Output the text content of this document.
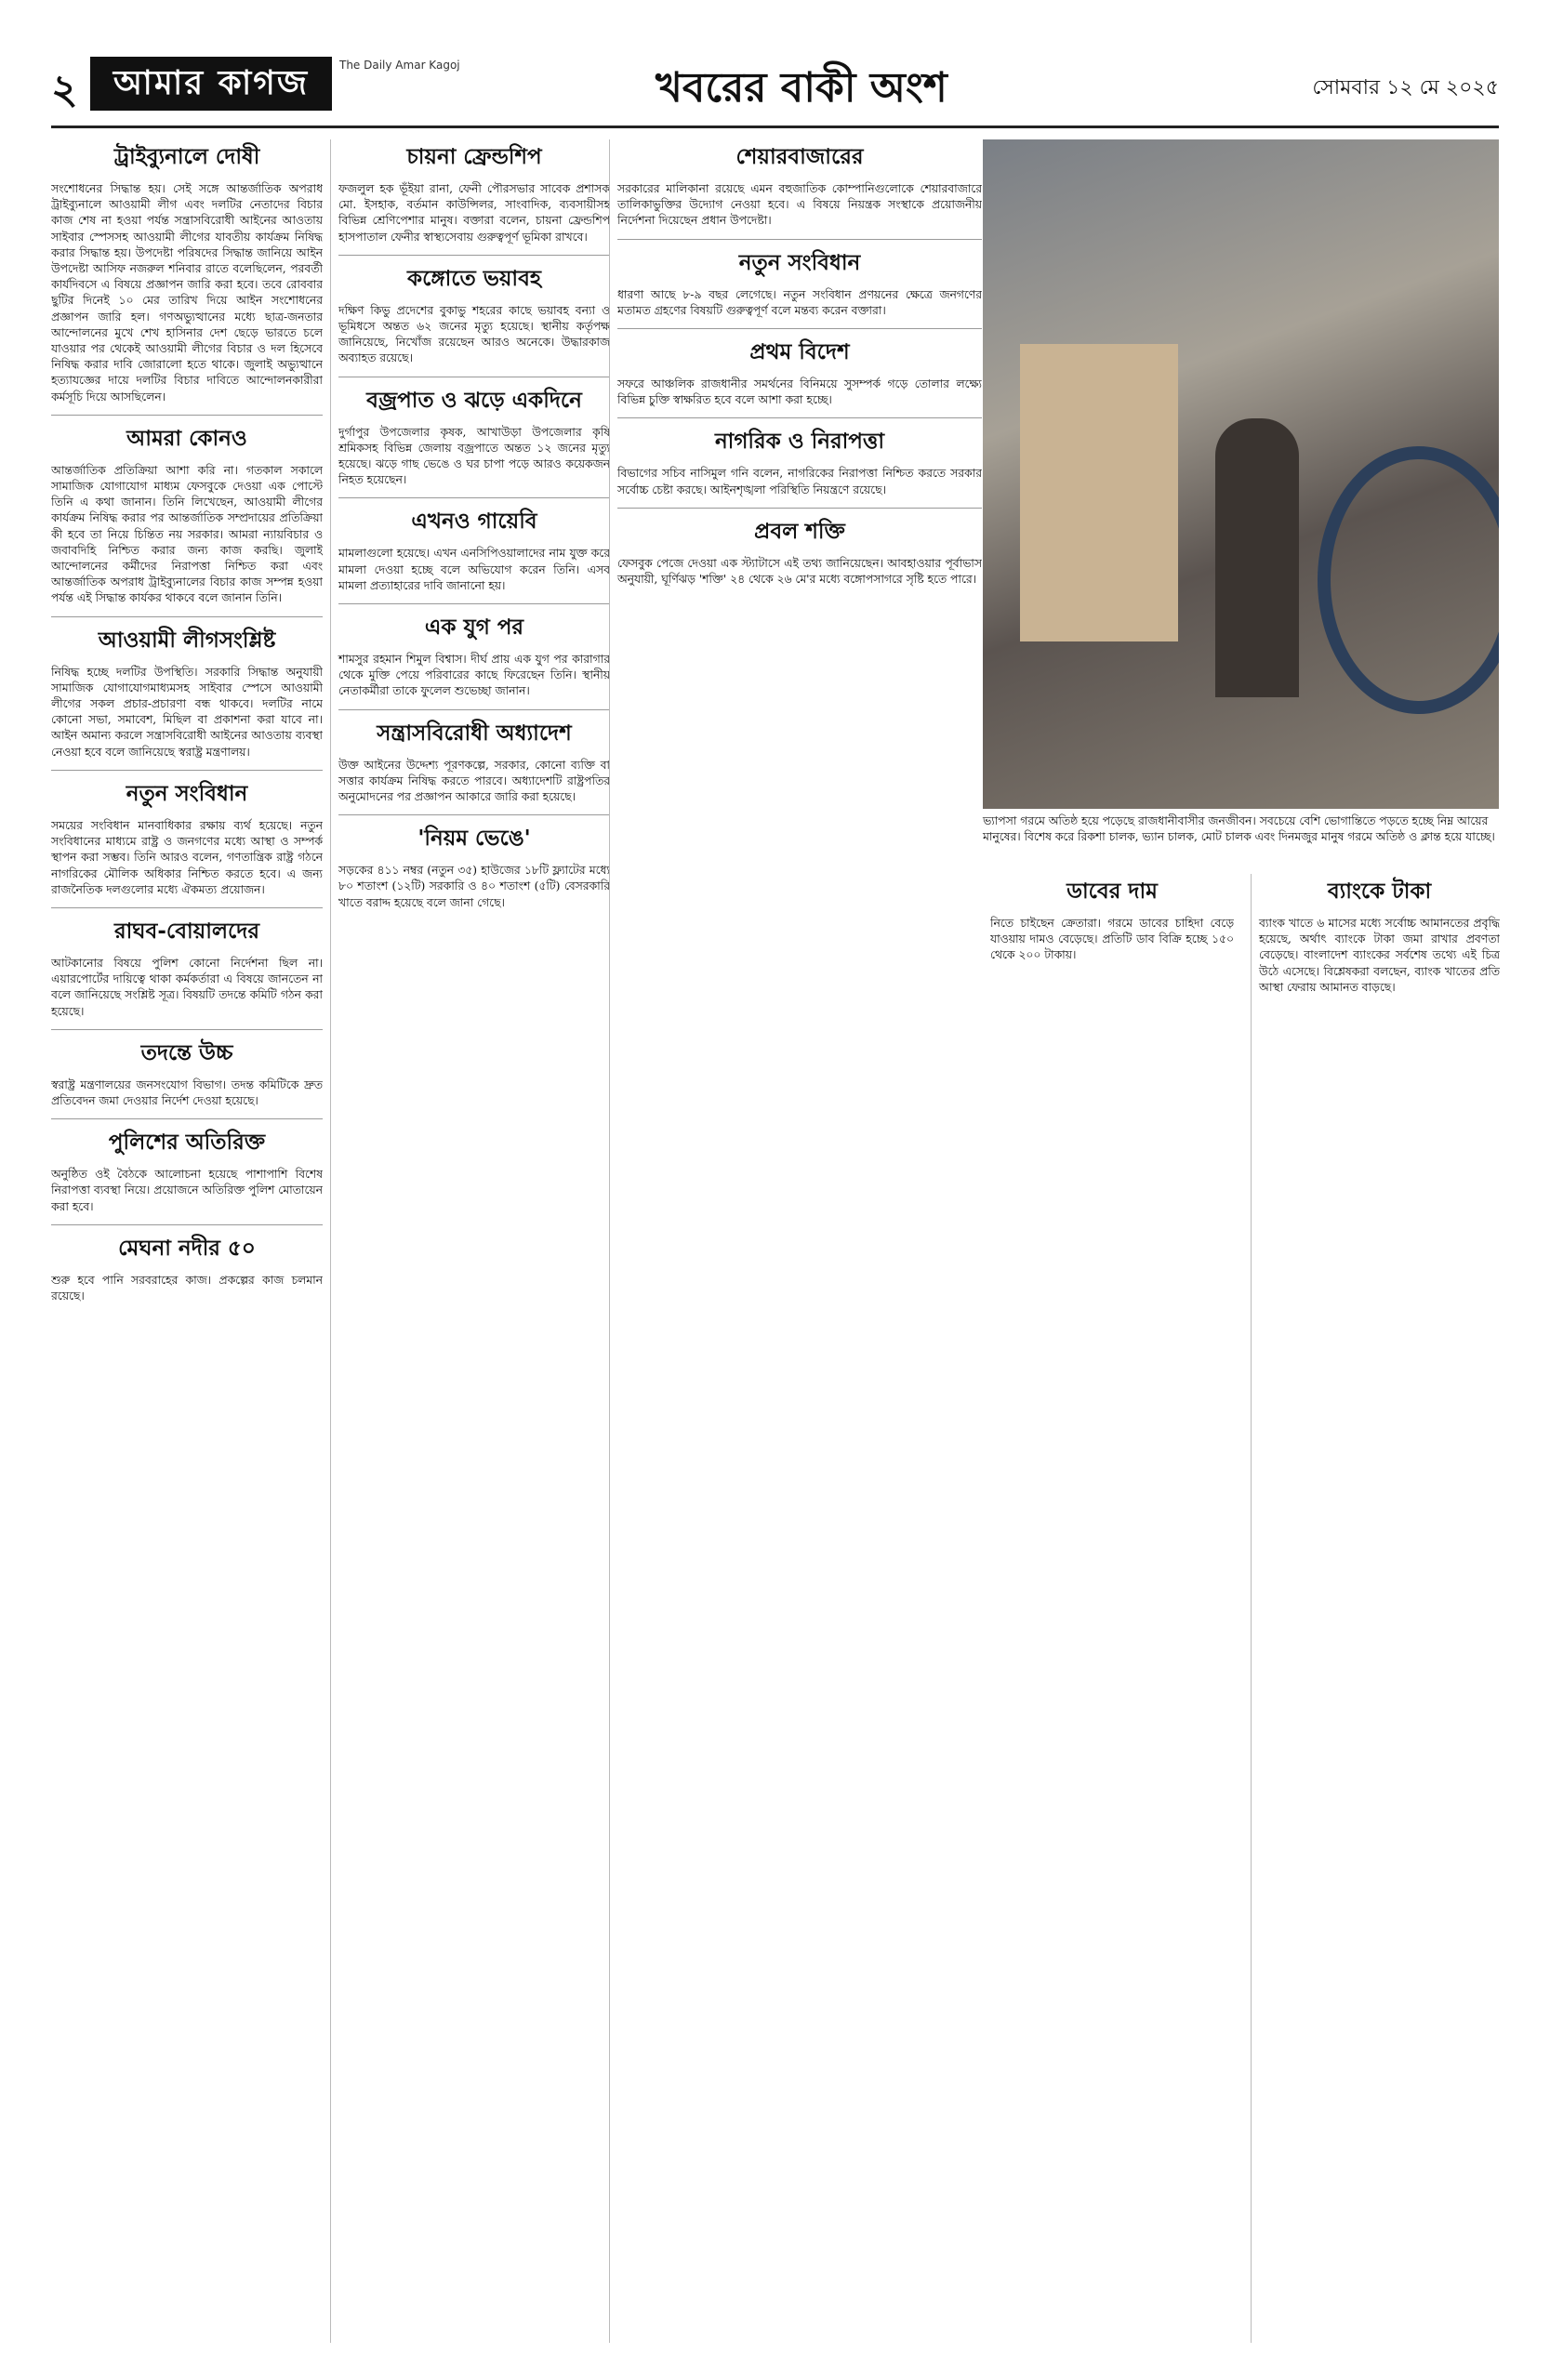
২	আমার কাগজ	The Daily Amar Kagoj	খবরের বাকী অংশ	সোমবার ১২ মে ২০২৫
ট্রাইব্যুনালে দোষী
সংশোধনের সিদ্ধান্ত হয়। সেই সঙ্গে আন্তর্জাতিক অপরাধ ট্রাইব্যুনালে আওয়ামী লীগ এবং দলটির নেতাদের বিচার কাজ শেষ না হওয়া পর্যন্ত সন্ত্রাসবিরোধী আইনের আওতায় সাইবার স্পেসসহ আওয়ামী লীগের যাবতীয় কার্যক্রম নিষিদ্ধ করার সিদ্ধান্ত হয়। উপদেষ্টা পরিষদের সিদ্ধান্ত জানিয়ে আইন উপদেষ্টা আসিফ নজরুল শনিবার রাতে বলেছিলেন, পরবর্তী কার্যদিবসে এ বিষয়ে প্রজ্ঞাপন জারি করা হবে। তবে রোববার ছুটির দিনেই ১০ মের তারিখ দিয়ে আইন সংশোধনের প্রজ্ঞাপন জারি হল। গণঅভ্যুত্থানের মধ্যে ছাত্র-জনতার আন্দোলনের মুখে শেখ হাসিনার দেশ ছেড়ে ভারতে চলে যাওয়ার পর থেকেই আওয়ামী লীগের বিচার ও দল হিসেবে নিষিদ্ধ করার দাবি জোরালো হতে থাকে। জুলাই অভ্যুত্থানে হত্যাযজ্ঞের দায়ে দলটির বিচার দাবিতে আন্দোলনকারীরা কর্মসূচি দিয়ে আসছিলেন।
আমরা কোনও
আন্তর্জাতিক প্রতিক্রিয়া আশা করি না। গতকাল সকালে সামাজিক যোগাযোগ মাধ্যম ফেসবুকে দেওয়া এক পোস্টে তিনি এ কথা জানান। তিনি লিখেছেন, আওয়ামী লীগের কার্যক্রম নিষিদ্ধ করার পর আন্তর্জাতিক সম্প্রদায়ের প্রতিক্রিয়া কী হবে তা নিয়ে চিন্তিত নয় সরকার। আমরা ন্যায়বিচার ও জবাবদিহি নিশ্চিত করার জন্য কাজ করছি। জুলাই আন্দোলনের কর্মীদের নিরাপত্তা নিশ্চিত করা এবং আন্তর্জাতিক অপরাধ ট্রাইব্যুনালের বিচার কাজ সম্পন্ন হওয়া পর্যন্ত এই সিদ্ধান্ত কার্যকর থাকবে বলে জানান তিনি।
আওয়ামী লীগসংশ্লিষ্ট
নিষিদ্ধ হচ্ছে দলটির উপস্থিতি। সরকারি সিদ্ধান্ত অনুযায়ী সামাজিক যোগাযোগমাধ্যমসহ সাইবার স্পেসে আওয়ামী লীগের সকল প্রচার-প্রচারণা বন্ধ থাকবে। দলটির নামে কোনো সভা, সমাবেশ, মিছিল বা প্রকাশনা করা যাবে না। আইন অমান্য করলে সন্ত্রাসবিরোধী আইনের আওতায় ব্যবস্থা নেওয়া হবে বলে জানিয়েছে স্বরাষ্ট্র মন্ত্রণালয়।
নতুন সংবিধান
সময়ের সংবিধান মানবাধিকার রক্ষায় ব্যর্থ হয়েছে। নতুন সংবিধানের মাধ্যমে রাষ্ট্র ও জনগণের মধ্যে আস্থা ও সম্পর্ক স্থাপন করা সম্ভব। তিনি আরও বলেন, গণতান্ত্রিক রাষ্ট্র গঠনে নাগরিকের মৌলিক অধিকার নিশ্চিত করতে হবে। এ জন্য রাজনৈতিক দলগুলোর মধ্যে ঐকমত্য প্রয়োজন।
রাঘব-বোয়ালদের
আটকানোর বিষয়ে পুলিশ কোনো নির্দেশনা ছিল না। এয়ারপোর্টের দায়িত্বে থাকা কর্মকর্তারা এ বিষয়ে জানতেন না বলে জানিয়েছে সংশ্লিষ্ট সূত্র। বিষয়টি তদন্তে কমিটি গঠন করা হয়েছে।
তদন্তে উচ্চ
স্বরাষ্ট্র মন্ত্রণালয়ের জনসংযোগ বিভাগ। তদন্ত কমিটিকে দ্রুত প্রতিবেদন জমা দেওয়ার নির্দেশ দেওয়া হয়েছে।
পুলিশের অতিরিক্ত
অনুষ্ঠিত ওই বৈঠকে আলোচনা হয়েছে পাশাপাশি বিশেষ নিরাপত্তা ব্যবস্থা নিয়ে। প্রয়োজনে অতিরিক্ত পুলিশ মোতায়েন করা হবে।
মেঘনা নদীর ৫০
শুরু হবে পানি সরবরাহের কাজ। প্রকল্পের কাজ চলমান রয়েছে।
চায়না ফ্রেন্ডশিপ
ফজলুল হক ভূঁইয়া রানা, ফেনী পৌরসভার সাবেক প্রশাসক মো. ইসহাক, বর্তমান কাউন্সিলর, সাংবাদিক, ব্যবসায়ীসহ বিভিন্ন শ্রেণিপেশার মানুষ। বক্তারা বলেন, চায়না ফ্রেন্ডশিপ হাসপাতাল ফেনীর স্বাস্থ্যসেবায় গুরুত্বপূর্ণ ভূমিকা রাখবে।
কঙ্গোতে ভয়াবহ
দক্ষিণ কিভু প্রদেশের বুকাভু শহরের কাছে ভয়াবহ বন্যা ও ভূমিধসে অন্তত ৬২ জনের মৃত্যু হয়েছে। স্থানীয় কর্তৃপক্ষ জানিয়েছে, নিখোঁজ রয়েছেন আরও অনেকে। উদ্ধারকাজ অব্যাহত রয়েছে।
বজ্রপাত ও ঝড়ে একদিনে
দুর্গাপুর উপজেলার কৃষক, আখাউড়া উপজেলার কৃষি শ্রমিকসহ বিভিন্ন জেলায় বজ্রপাতে অন্তত ১২ জনের মৃত্যু হয়েছে। ঝড়ে গাছ ভেঙে ও ঘর চাপা পড়ে আরও কয়েকজন নিহত হয়েছেন।
এখনও গায়েবি
মামলাগুলো হয়েছে। এখন এনসিপিওয়ালাদের নাম যুক্ত করে মামলা দেওয়া হচ্ছে বলে অভিযোগ করেন তিনি। এসব মামলা প্রত্যাহারের দাবি জানানো হয়।
এক যুগ পর
শামসুর রহমান শিমুল বিশ্বাস। দীর্ঘ প্রায় এক যুগ পর কারাগার থেকে মুক্তি পেয়ে পরিবারের কাছে ফিরেছেন তিনি। স্থানীয় নেতাকর্মীরা তাকে ফুলেল শুভেচ্ছা জানান।
সন্ত্রাসবিরোধী অধ্যাদেশ
উক্ত আইনের উদ্দেশ্য পূরণকল্পে, সরকার, কোনো ব্যক্তি বা সত্তার কার্যক্রম নিষিদ্ধ করতে পারবে। অধ্যাদেশটি রাষ্ট্রপতির অনুমোদনের পর প্রজ্ঞাপন আকারে জারি করা হয়েছে।
'নিয়ম ভেঙে'
সড়কের ৪১১ নম্বর (নতুন ৩৫) হাউজের ১৮টি ফ্ল্যাটের মধ্যে ৮০ শতাংশ (১২টি) সরকারি ও ৪০ শতাংশ (৫টি) বেসরকারি খাতে বরাদ্দ হয়েছে বলে জানা গেছে।
শেয়ারবাজারের
সরকারের মালিকানা রয়েছে এমন বহুজাতিক কোম্পানিগুলোকে শেয়ারবাজারে তালিকাভুক্তির উদ্যোগ নেওয়া হবে। এ বিষয়ে নিয়ন্ত্রক সংস্থাকে প্রয়োজনীয় নির্দেশনা দিয়েছেন প্রধান উপদেষ্টা।
নতুন সংবিধান
ধারণা আছে ৮-৯ বছর লেগেছে। নতুন সংবিধান প্রণয়নের ক্ষেত্রে জনগণের মতামত গ্রহণের বিষয়টি গুরুত্বপূর্ণ বলে মন্তব্য করেন বক্তারা।
প্রথম বিদেশ
সফরে আঞ্চলিক রাজধানীর সমর্থনের বিনিময়ে সুসম্পর্ক গড়ে তোলার লক্ষ্যে বিভিন্ন চুক্তি স্বাক্ষরিত হবে বলে আশা করা হচ্ছে।
নাগরিক ও নিরাপত্তা
বিভাগের সচিব নাসিমুল গনি বলেন, নাগরিকের নিরাপত্তা নিশ্চিত করতে সরকার সর্বোচ্চ চেষ্টা করছে। আইনশৃঙ্খলা পরিস্থিতি নিয়ন্ত্রণে রয়েছে।
প্রবল শক্তি
ফেসবুক পেজে দেওয়া এক স্ট্যাটাসে এই তথ্য জানিয়েছেন। আবহাওয়ার পূর্বাভাস অনুযায়ী, ঘূর্ণিঝড় 'শক্তি' ২৪ থেকে ২৬ মে'র মধ্যে বঙ্গোপসাগরে সৃষ্টি হতে পারে।
ভ্যাপসা গরমে অতিষ্ঠ হয়ে পড়েছে রাজধানীবাসীর জনজীবন। সবচেয়ে বেশি ভোগান্তিতে পড়তে হচ্ছে নিম্ন আয়ের মানুষের। বিশেষ করে রিকশা চালক, ভ্যান চালক, মোট চালক এবং দিনমজুর মানুষ গরমে অতিষ্ঠ ও ক্লান্ত হয়ে যাচ্ছে।
ডাবের দাম
নিতে চাইছেন ক্রেতারা। গরমে ডাবের চাহিদা বেড়ে যাওয়ায় দামও বেড়েছে। প্রতিটি ডাব বিক্রি হচ্ছে ১৫০ থেকে ২০০ টাকায়।
ব্যাংকে টাকা
ব্যাংক খাতে ৬ মাসের মধ্যে সর্বোচ্চ আমানতের প্রবৃদ্ধি হয়েছে, অর্থাৎ ব্যাংকে টাকা জমা রাখার প্রবণতা বেড়েছে। বাংলাদেশ ব্যাংকের সর্বশেষ তথ্যে এই চিত্র উঠে এসেছে। বিশ্লেষকরা বলছেন, ব্যাংক খাতের প্রতি আস্থা ফেরায় আমানত বাড়ছে।
